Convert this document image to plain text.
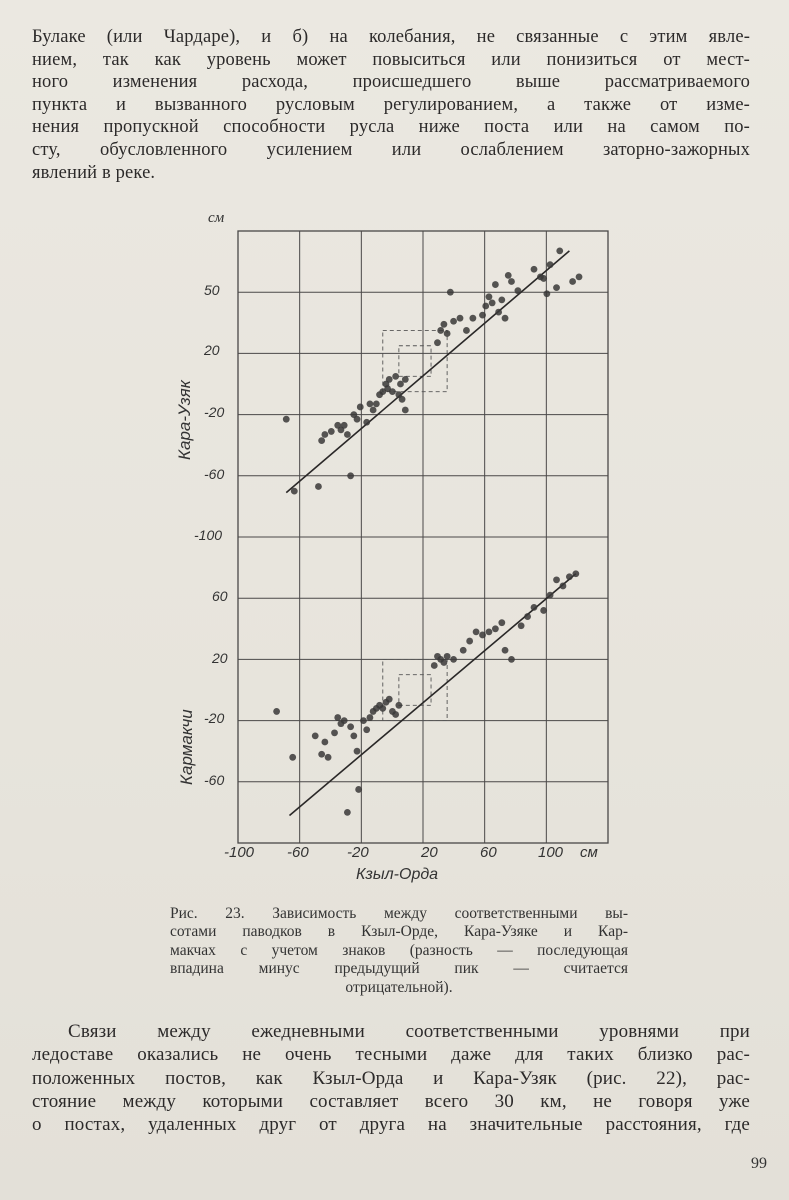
Булаке (или Чардаре), и б) на колебания, не связанные с этим явле-
нием, так как уровень может повыситься или понизиться от мест-
ного изменения расхода, происшедшего выше рассматриваемого
пункта и вызванного русловым регулированием, а также от изме-
нения пропускной способности русла ниже поста или на самом по-
сту, обусловленного усилением или ослаблением заторно-зажорных
явлений в реке.
см
Кара-Узяк
Кармакчи
-100 -60	-20	20	60	100 см
Кзыл-Орда
50
20
-20
-60
-100
60
20
-20
-60
Рис. 23. Зависимость между соответственными вы-
сотами паводков в Кзыл-Орде, Кара-Узяке и Кар-
макчах с учетом знаков (разность — последующая
впадина минус предыдущий пик — считается
отрицательной).
Связи между ежедневными соответственными уровнями при
ледоставе оказались не очень тесными даже для таких близко рас-
положенных постов, как Кзыл-Орда и Кара-Узяк (рис. 22), рас-
стояние между которыми составляет всего 30 км, не говоря уже
о постах, удаленных друг от друга на значительные расстояния, где
99
